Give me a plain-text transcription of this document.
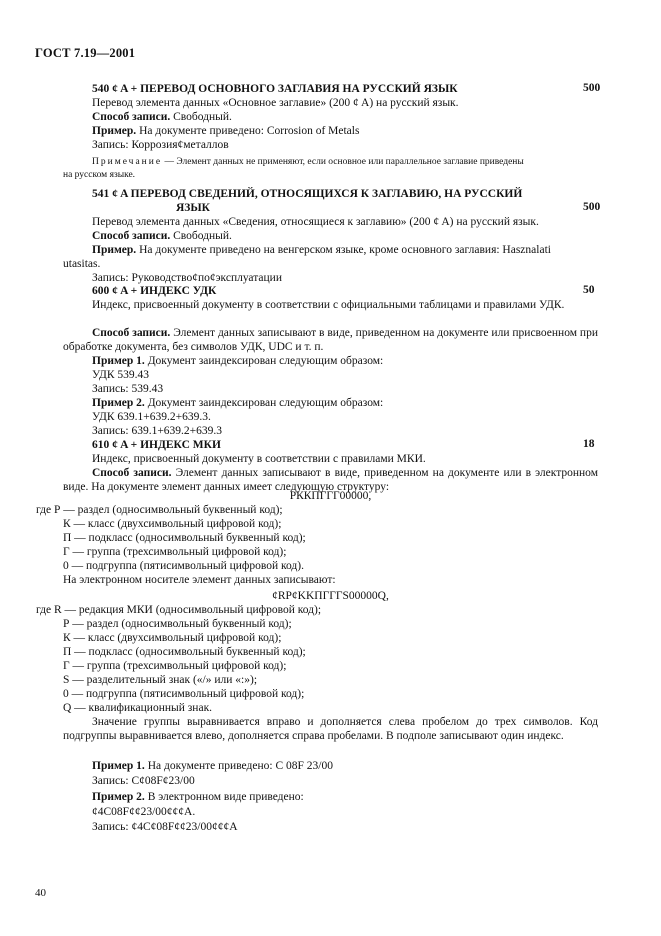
ГОСТ 7.19—2001
540 ȼ A + ПЕРЕВОД ОСНОВНОГО ЗАГЛАВИЯ НА РУССКИЙ ЯЗЫК	500
Перевод элемента данных «Основное заглавие» (200 ȼ A) на русский язык.
Способ записи. Свободный.
Пример. На документе приведено: Corrosion of Metals
Запись: Коррозияȼметаллов
Примечание — Элемент данных не применяют, если основное или параллельное заглавие приведены
на русском языке.
541 ȼ A ПЕРЕВОД СВЕДЕНИЙ, ОТНОСЯЩИХСЯ К ЗАГЛАВИЮ, НА РУССКИЙ
ЯЗЫК	500
Перевод элемента данных «Сведения, относящиеся к заглавию» (200 ȼ A) на русский язык.
Способ записи. Свободный.
Пример. На документе приведено на венгерском языке, кроме основного заглавия: Hasznalati
utasitas.
Запись: Руководствоȼпоȼэксплуатации
600 ȼ A + ИНДЕКС УДК	50
Индекс, присвоенный документу в соответствии с официальными таблицами и правилами УДК.
Способ записи. Элемент данных записывают в виде, приведенном на документе или присвоенном при обработке документа, без символов УДК, UDC и т. п.
Пример 1. Документ заиндексирован следующим образом:
УДК 539.43
Запись: 539.43
Пример 2. Документ заиндексирован следующим образом:
УДК 639.1+639.2+639.3.
Запись: 639.1+639.2+639.3
610 ȼ A + ИНДЕКС МКИ	18
Индекс, присвоенный документу в соответствии с правилами МКИ.
Способ записи. Элемент данных записывают в виде, приведенном на документе или в электронном виде. На документе элемент данных имеет следующую структуру:
РККПГГГ00000,
где Р — раздел (односимвольный буквенный код);
К — класс (двухсимвольный цифровой код);
П — подкласс (односимвольный буквенный код);
Г — группа (трехсимвольный цифровой код);
0 — подгруппа (пятисимвольный цифровой код).
На электронном носителе элемент данных записывают:
ȼRPȼKKПГГГS00000Q,
где R — редакция МКИ (односимвольный цифровой код);
Р — раздел (односимвольный буквенный код);
К — класс (двухсимвольный цифровой код);
П — подкласс (односимвольный буквенный код);
Г — группа (трехсимвольный цифровой код);
S — разделительный знак («/» или «:»);
0 — подгруппа (пятисимвольный цифровой код);
Q — квалификационный знак.
Значение группы выравнивается вправо и дополняется слева пробелом до трех символов. Код подгруппы выравнивается влево, дополняется справа пробелами. В подполе записывают один индекс.
Пример 1. На документе приведено: С 08F 23/00
Запись: Сȼ08Fȼ23/00
Пример 2. В электронном виде приведено:
ȼ4C08Fȼȼ23/00ȼȼȼA.
Запись: ȼ4Cȼ08Fȼȼ23/00ȼȼȼA
40
